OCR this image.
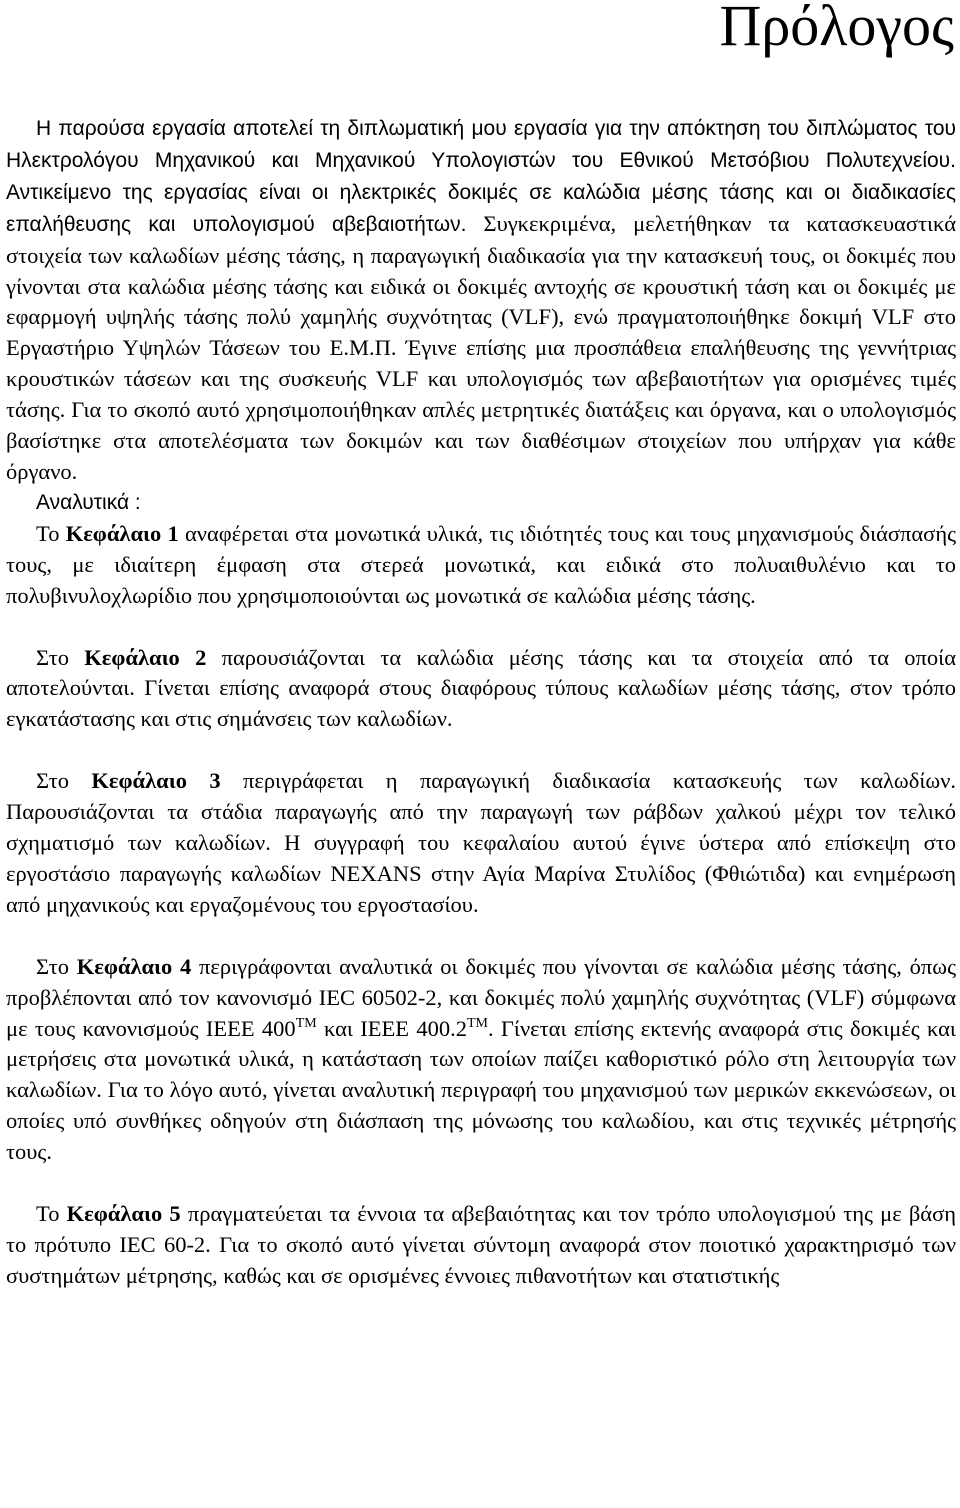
Πρόλογος
Η παρούσα εργασία αποτελεί τη διπλωματική μου εργασία για την απόκτηση του διπλώματος του Ηλεκτρολόγου Μηχανικού και Μηχανικού Υπολογιστών του Εθνικού Μετσόβιου Πολυτεχνείου. Αντικείμενο της εργασίας είναι οι ηλεκτρικές δοκιμές σε καλώδια μέσης τάσης και οι διαδικασίες επαλήθευσης και υπολογισμού αβεβαιοτήτων. Συγκεκριμένα, μελετήθηκαν τα κατασκευαστικά στοιχεία των καλωδίων μέσης τάσης, η παραγωγική διαδικασία για την κατασκευή τους, οι δοκιμές που γίνονται στα καλώδια μέσης τάσης και ειδικά οι δοκιμές αντοχής σε κρουστική τάση και οι δοκιμές με εφαρμογή υψηλής τάσης πολύ χαμηλής συχνότητας (VLF), ενώ πραγματοποιήθηκε δοκιμή VLF στο Εργαστήριο Υψηλών Τάσεων του Ε.Μ.Π. Έγινε επίσης μια προσπάθεια επαλήθευσης της γεννήτριας κρουστικών τάσεων και της συσκευής VLF και υπολογισμός των αβεβαιοτήτων για ορισμένες τιμές τάσης. Για το σκοπό αυτό χρησιμοποιήθηκαν απλές μετρητικές διατάξεις και όργανα, και ο υπολογισμός βασίστηκε στα αποτελέσματα των δοκιμών και των διαθέσιμων στοιχείων που υπήρχαν για κάθε όργανο.
Αναλυτικά :
Το Κεφάλαιο 1 αναφέρεται στα μονωτικά υλικά, τις ιδιότητές τους και τους μηχανισμούς διάσπασής τους, με ιδιαίτερη έμφαση στα στερεά μονωτικά, και ειδικά στο πολυαιθυλένιο και το πολυβινυλοχλωρίδιο που χρησιμοποιούνται ως μονωτικά σε καλώδια μέσης τάσης.
Στο Κεφάλαιο 2 παρουσιάζονται τα καλώδια μέσης τάσης και τα στοιχεία από τα οποία αποτελούνται. Γίνεται επίσης αναφορά στους διαφόρους τύπους καλωδίων μέσης τάσης, στον τρόπο εγκατάστασης και στις σημάνσεις των καλωδίων.
Στο Κεφάλαιο 3 περιγράφεται η παραγωγική διαδικασία κατασκευής των καλωδίων. Παρουσιάζονται τα στάδια παραγωγής από την παραγωγή των ράβδων χαλκού μέχρι τον τελικό σχηματισμό των καλωδίων. Η συγγραφή του κεφαλαίου αυτού έγινε ύστερα από επίσκεψη στο εργοστάσιο παραγωγής καλωδίων NEXANS στην Αγία Μαρίνα Στυλίδος (Φθιώτιδα) και ενημέρωση από μηχανικούς και εργαζομένους του εργοστασίου.
Στο Κεφάλαιο 4 περιγράφονται αναλυτικά οι δοκιμές που γίνονται σε καλώδια μέσης τάσης, όπως προβλέπονται από τον κανονισμό IEC 60502-2, και δοκιμές πολύ χαμηλής συχνότητας (VLF) σύμφωνα με τους κανονισμούς IEEE 400™ και IEEE 400.2™. Γίνεται επίσης εκτενής αναφορά στις δοκιμές και μετρήσεις στα μονωτικά υλικά, η κατάσταση των οποίων παίζει καθοριστικό ρόλο στη λειτουργία των καλωδίων. Για το λόγο αυτό, γίνεται αναλυτική περιγραφή του μηχανισμού των μερικών εκκενώσεων, οι οποίες υπό συνθήκες οδηγούν στη διάσπαση της μόνωσης του καλωδίου, και στις τεχνικές μέτρησής τους.
Το Κεφάλαιο 5 πραγματεύεται τα έννοια τα αβεβαιότητας και τον τρόπο υπολογισμού της με βάση το πρότυπο IEC 60-2. Για το σκοπό αυτό γίνεται σύντομη αναφορά στον ποιοτικό χαρακτηρισμό των συστημάτων μέτρησης, καθώς και σε ορισμένες έννοιες πιθανοτήτων και στατιστικής
